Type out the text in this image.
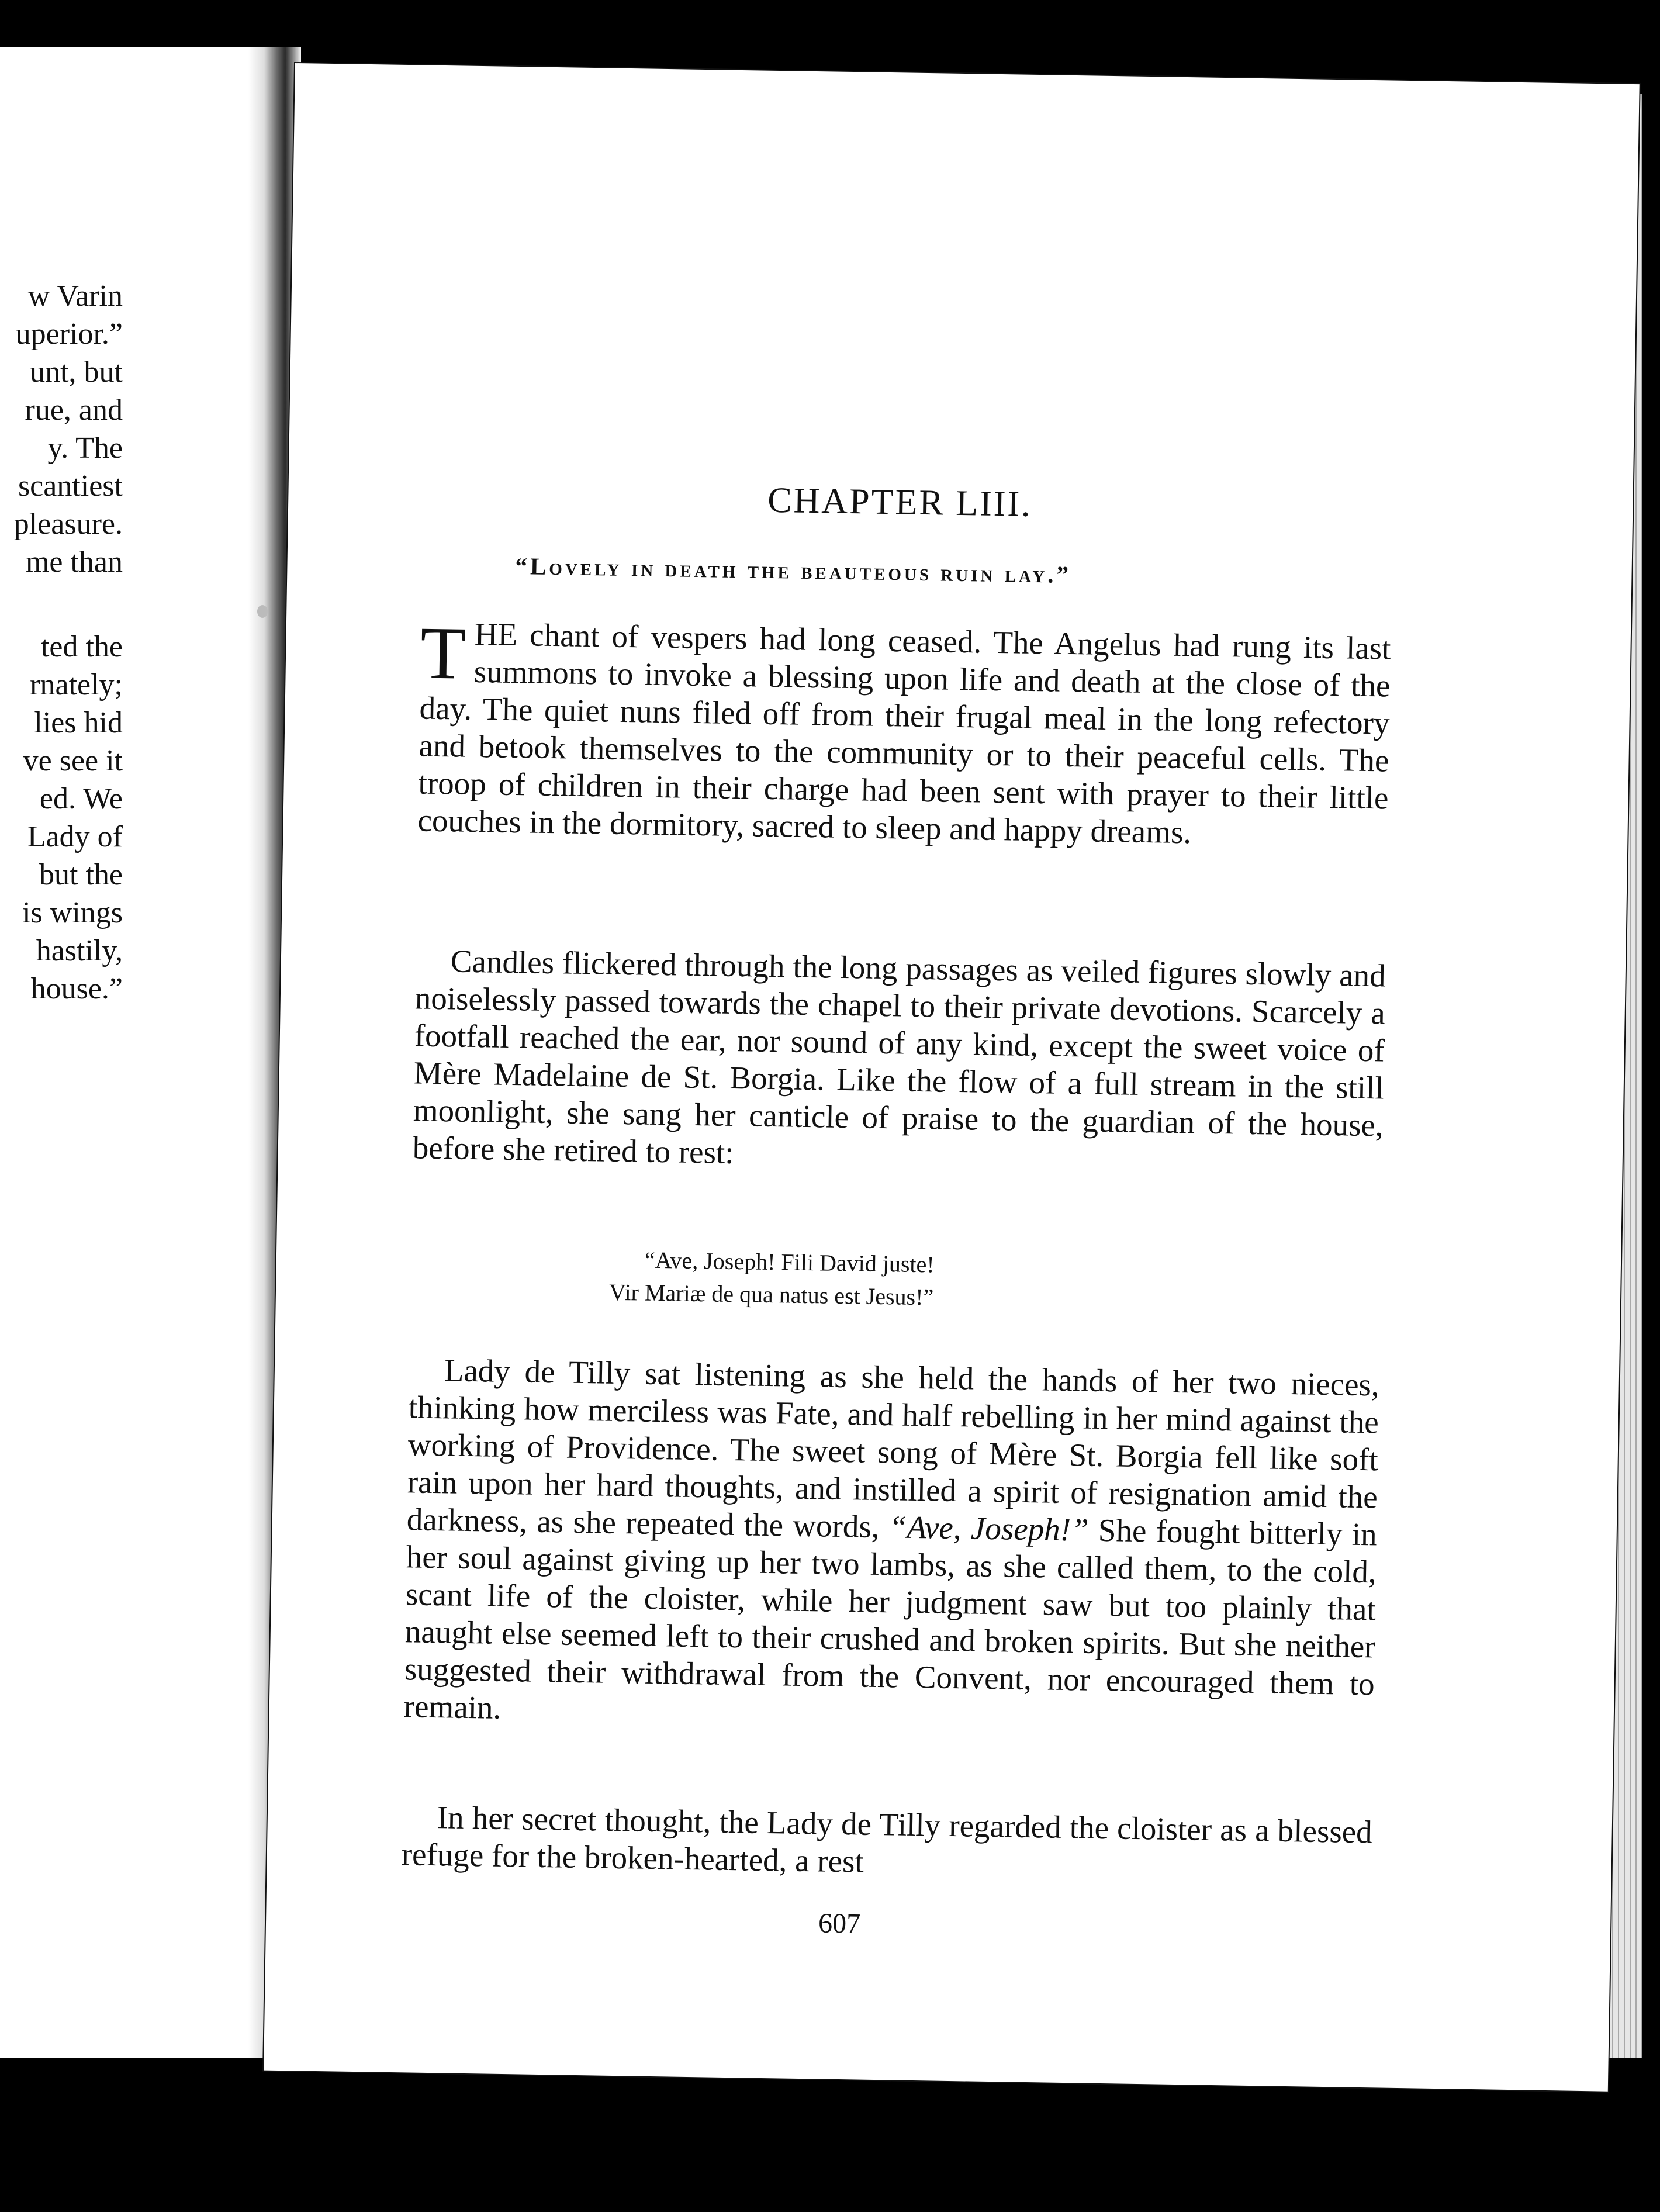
w Varin
uperior.”
unt, but
rue, and
y. The
scantiest
pleasure.
me than
ted the
rnately;
lies hid
ve see it
ed. We
Lady of
but the
is wings
hastily,
house.”
CHAPTER LIII.
“Lovely in death the beauteous ruin lay.”

THE chant of vespers had long ceased. The Angelus had rung its last summons to invoke a blessing upon life and death at the close of the day. The quiet nuns filed off from their frugal meal in the long refectory and betook themselves to the community or to their peaceful cells. The troop of children in their charge had been sent with prayer to their little couches in the dormitory, sacred to sleep and happy dreams.

Candles flickered through the long passages as veiled figures slowly and noiselessly passed towards the chapel to their private devotions. Scarcely a footfall reached the ear, nor sound of any kind, except the sweet voice of Mère Madelaine de St. Borgia. Like the flow of a full stream in the still moonlight, she sang her canticle of praise to the guardian of the house, before she retired to rest:

“Ave, Joseph! Fili David juste!
Vir Mariæ de qua natus est Jesus!”

Lady de Tilly sat listening as she held the hands of her two nieces, thinking how merciless was Fate, and half rebelling in her mind against the working of Providence. The sweet song of Mère St. Borgia fell like soft rain upon her hard thoughts, and instilled a spirit of resignation amid the darkness, as she repeated the words, “Ave, Joseph!” She fought bitterly in her soul against giving up her two lambs, as she called them, to the cold, scant life of the cloister, while her judgment saw but too plainly that naught else seemed left to their crushed and broken spirits. But she neither suggested their withdrawal from the Convent, nor encouraged them to remain.

In her secret thought, the Lady de Tilly regarded the cloister as a blessed refuge for the broken-hearted, a rest

607
